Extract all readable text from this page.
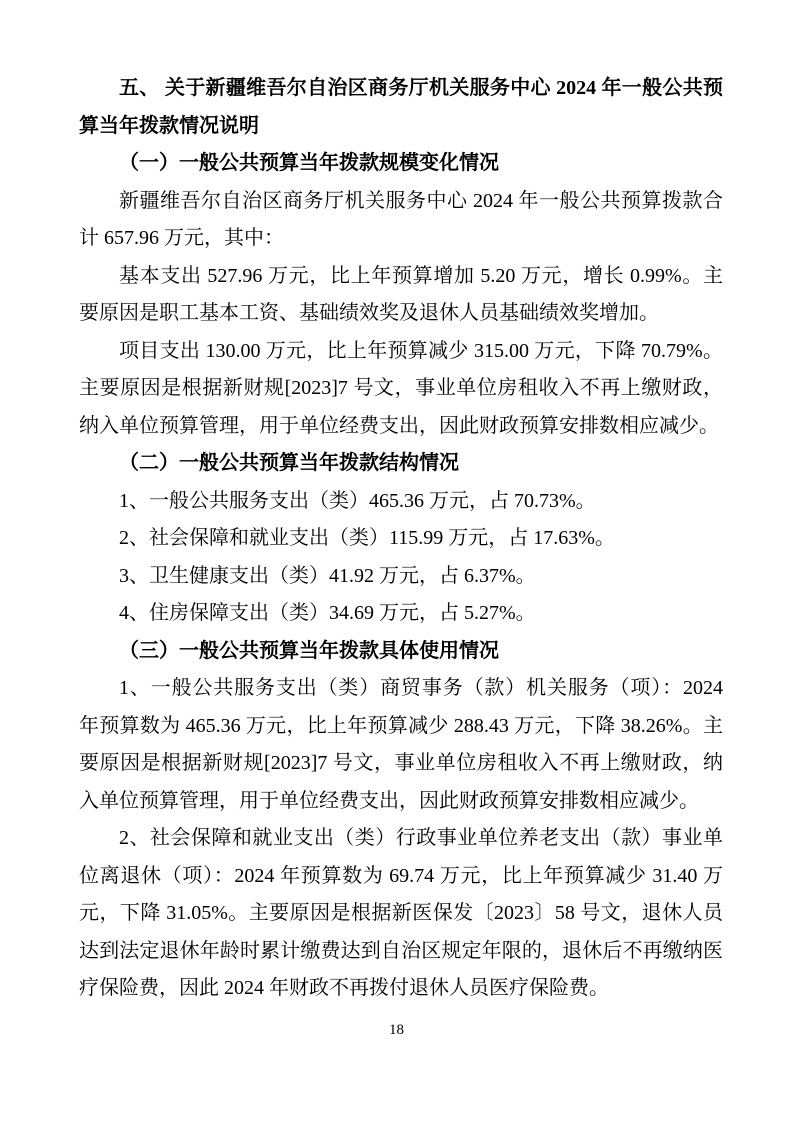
五、 关于新疆维吾尔自治区商务厅机关服务中心 2024 年一般公共预算当年拨款情况说明

（一）一般公共预算当年拨款规模变化情况

新疆维吾尔自治区商务厅机关服务中心 2024 年一般公共预算拨款合计 657.96 万元，其中：

基本支出 527.96 万元，比上年预算增加 5.20 万元，增长 0.99%。主要原因是职工基本工资、基础绩效奖及退休人员基础绩效奖增加。

项目支出 130.00 万元，比上年预算减少 315.00 万元，下降 70.79%。主要原因是根据新财规[2023]7 号文，事业单位房租收入不再上缴财政，纳入单位预算管理，用于单位经费支出，因此财政预算安排数相应减少。

（二）一般公共预算当年拨款结构情况

1、一般公共服务支出（类）465.36 万元，占 70.73%。

2、社会保障和就业支出（类）115.99 万元，占 17.63%。

3、卫生健康支出（类）41.92 万元，占 6.37%。

4、住房保障支出（类）34.69 万元，占 5.27%。

（三）一般公共预算当年拨款具体使用情况

1、一般公共服务支出（类）商贸事务（款）机关服务（项）：2024 年预算数为 465.36 万元，比上年预算减少 288.43 万元，下降 38.26%。主要原因是根据新财规[2023]7 号文，事业单位房租收入不再上缴财政，纳入单位预算管理，用于单位经费支出，因此财政预算安排数相应减少。

2、社会保障和就业支出（类）行政事业单位养老支出（款）事业单位离退休（项）：2024 年预算数为 69.74 万元，比上年预算减少 31.40 万元，下降 31.05%。主要原因是根据新医保发〔2023〕58 号文，退休人员达到法定退休年龄时累计缴费达到自治区规定年限的，退休后不再缴纳医疗保险费，因此 2024 年财政不再拨付退休人员医疗保险费。

18
